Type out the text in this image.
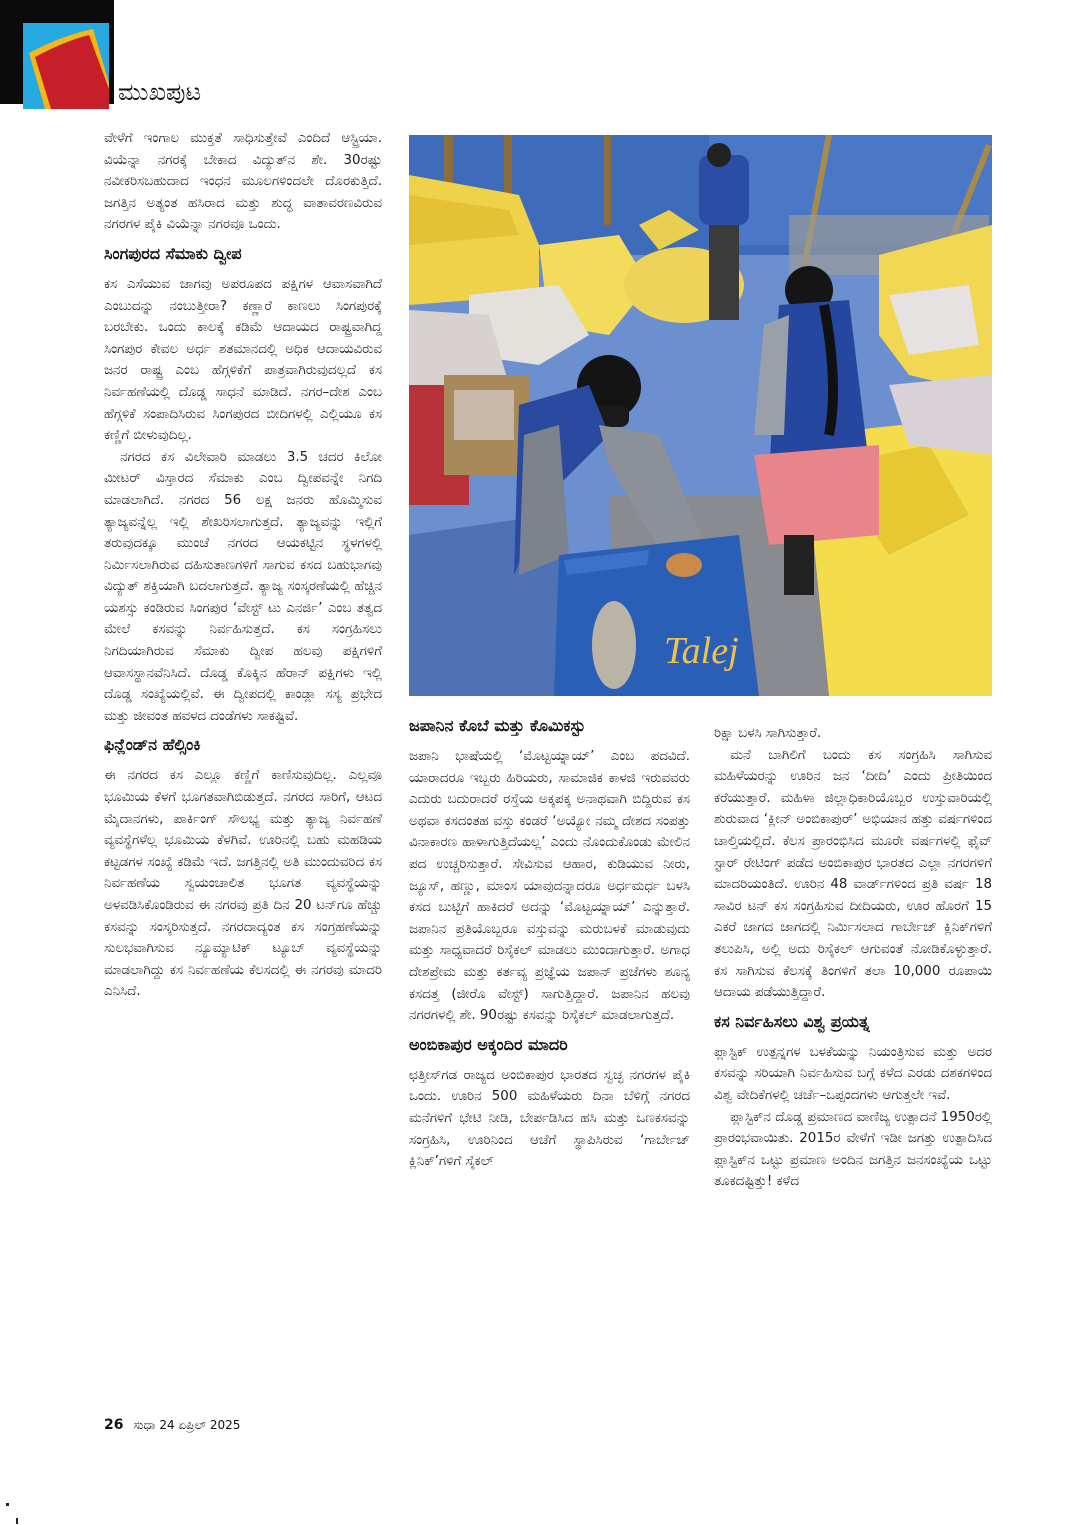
ಮುಖಪುಟ

ವೇಳೆಗೆ ಇಂಗಾಲ ಮುಕ್ತತೆ ಸಾಧಿಸುತ್ತೇವೆ ಎಂದಿದೆ ಆಸ್ಟ್ರಿಯಾ. ವಿಯೆನ್ನಾ ನಗರಕ್ಕೆ ಬೇಕಾದ ವಿದ್ಯುತ್‌ನ ಶೇ. 30ರಷ್ಟು ನವೀಕರಿಸಬಹುದಾದ ಇಂಧನ ಮೂಲಗಳಿಂದಲೇ ದೊರಕುತ್ತಿದೆ. ಜಗತ್ತಿನ ಅತ್ಯಂತ ಹಸಿರಾದ ಮತ್ತು ಶುದ್ಧ ವಾತಾವರಣವಿರುವ ನಗರಗಳ ಪೈಕಿ ವಿಯೆನ್ನಾ ನಗರವೂ ಒಂದು.

ಸಿಂಗಪುರದ ಸೆಮಾಕು ದ್ವೀಪ

ಕಸ ಎಸೆಯುವ ಜಾಗವು ಅಪರೂಪದ ಪಕ್ಷಿಗಳ ಆವಾಸವಾಗಿದೆ ಎಂಬುದನ್ನು ನಂಬುತ್ತೀರಾ? ಕಣ್ಣಾರೆ ಕಾಣಲು ಸಿಂಗಪುರಕ್ಕೆ ಬರಬೇಕು. ಒಂದು ಕಾಲಕ್ಕೆ ಕಡಿಮೆ ಆದಾಯದ ರಾಷ್ಟ್ರವಾಗಿದ್ದ ಸಿಂಗಪುರ ಕೇವಲ ಅರ್ಧ ಶತಮಾನದಲ್ಲಿ ಅಧಿಕ ಆದಾಯವಿರುವ ಜನರ ರಾಷ್ಟ್ರ ಎಂಬ ಹೆಗ್ಗಳಿಕೆಗೆ ಪಾತ್ರವಾಗಿರುವುದಲ್ಲದೆ ಕಸ ನಿರ್ವಹಣೆಯಲ್ಲಿ ದೊಡ್ಡ ಸಾಧನೆ ಮಾಡಿದೆ. ನಗರ–ದೇಶ ಎಂಬ ಹೆಗ್ಗಳಿಕೆ ಸಂಪಾದಿಸಿರುವ ಸಿಂಗಪುರದ ಬೀದಿಗಳಲ್ಲಿ ಎಲ್ಲಿಯೂ ಕಸ ಕಣ್ಣಿಗೆ ಬೀಳುವುದಿಲ್ಲ.

ನಗರದ ಕಸ ವಿಲೇವಾರಿ ಮಾಡಲು 3.5 ಚದರ ಕಿಲೋ ಮೀಟರ್ ವಿಸ್ತಾರದ ಸೆಮಾಕು ಎಂಬ ದ್ವೀಪವನ್ನೇ ನಿಗದಿ ಮಾಡಲಾಗಿದೆ. ನಗರದ 56 ಲಕ್ಷ ಜನರು ಹೊಮ್ಮಿಸುವ ತ್ಯಾಜ್ಯವನ್ನೆಲ್ಲ ಇಲ್ಲಿ ಶೇಖರಿಸಲಾಗುತ್ತದೆ. ತ್ಯಾಜ್ಯವನ್ನು ಇಲ್ಲಿಗೆ ತರುವುದಕ್ಕೂ ಮುಂಚೆ ನಗರದ ಆಯಕಟ್ಟಿನ ಸ್ಥಳಗಳಲ್ಲಿ ನಿರ್ಮಿಸಲಾಗಿರುವ ದಹಿಸುತಾಣಗಳಿಗೆ ಸಾಗುವ ಕಸದ ಬಹುಭಾಗವು ವಿದ್ಯುತ್ ಶಕ್ತಿಯಾಗಿ ಬದಲಾಗುತ್ತದೆ. ತ್ಯಾಜ್ಯ ಸಂಸ್ಕರಣೆಯಲ್ಲಿ ಹೆಚ್ಚಿನ ಯಶಸ್ಸು ಕಂಡಿರುವ ಸಿಂಗಪುರ ‘ವೇಸ್ಟ್ ಟು ಎನರ್ಜಿ’ ಎಂಬ ತತ್ವದ ಮೇಲೆ ಕಸವನ್ನು ನಿರ್ವಹಿಸುತ್ತದೆ. ಕಸ ಸಂಗ್ರಹಿಸಲು ನಿಗದಿಯಾಗಿರುವ ಸೆಮಾಕು ದ್ವೀಪ ಹಲವು ಪಕ್ಷಿಗಳಿಗೆ ಆವಾಸಸ್ಥಾನವೆನಿಸಿದೆ. ದೊಡ್ಡ ಕೊಕ್ಕಿನ ಹೆರಾನ್ ಪಕ್ಷಿಗಳು ಇಲ್ಲಿ ದೊಡ್ಡ ಸಂಖ್ಯೆಯಲ್ಲಿವೆ. ಈ ದ್ವೀಪದಲ್ಲಿ ಕಾಂಡ್ಲಾ ಸಸ್ಯ ಪ್ರಭೇದ ಮತ್ತು ಜೀವಂತ ಹವಳದ ದಂಡೆಗಳು ಸಾಕಷ್ಟಿವೆ.

ಫಿನ್ಲೆಂಡ್‌ನ ಹೆಲ್ಸಿಂಕಿ

ಈ ನಗರದ ಕಸ ಎಲ್ಲೂ ಕಣ್ಣಿಗೆ ಕಾಣಿಸುವುದಿಲ್ಲ. ಎಲ್ಲವೂ ಭೂಮಿಯ ಕೆಳಗೆ ಭೂಗತವಾಗಿಬಿಡುತ್ತದೆ. ನಗರದ ಸಾರಿಗೆ, ಆಟದ ಮೈದಾನಗಳು, ಪಾರ್ಕಿಂಗ್ ಸೌಲಭ್ಯ ಮತ್ತು ತ್ಯಾಜ್ಯ ನಿರ್ವಹಣೆ ವ್ಯವಸ್ಥೆಗಳೆಲ್ಲ ಭೂಮಿಯ ಕೆಳಗಿವೆ. ಊರಿನಲ್ಲಿ ಬಹು ಮಹಡಿಯ ಕಟ್ಟಡಗಳ ಸಂಖ್ಯೆ ಕಡಿಮೆ ಇದೆ. ಜಗತ್ತಿನಲ್ಲಿ ಅತಿ ಮುಂದುವರಿದ ಕಸ ನಿರ್ವಹಣೆಯ ಸ್ವಯಂಚಾಲಿತ ಭೂಗತ ವ್ಯವಸ್ಥೆಯನ್ನು ಅಳವಡಿಸಿಕೊಂಡಿರುವ ಈ ನಗರವು ಪ್ರತಿ ದಿನ 20 ಟನ್‌ಗೂ ಹೆಚ್ಚು ಕಸವನ್ನು ಸಂಸ್ಕರಿಸುತ್ತದೆ. ನಗರದಾದ್ಯಂತ ಕಸ ಸಂಗ್ರಹಣೆಯನ್ನು ಸುಲಭವಾಗಿಸುವ ನ್ಯೂಮ್ಯಾಟಿಕ್ ಟ್ಯೂಬ್ ವ್ಯವಸ್ಥೆಯನ್ನು ಮಾಡಲಾಗಿದ್ದು ಕಸ ನಿರ್ವಹಣೆಯ ಕೆಲಸದಲ್ಲಿ ಈ ನಗರವು ಮಾದರಿ ಎನಿಸಿದೆ.

Talej
ಜಪಾನಿನ ಕೊಬೆ ಮತ್ತು ಕೊಮಿಕಸ್ಟು

ಜಪಾನಿ ಭಾಷೆಯಲ್ಲಿ ‘ಮೊಟ್ಟಯ್ನಾಯ್’ ಎಂಬ ಪದವಿದೆ. ಯಾರಾದರೂ ಇಬ್ಬರು ಹಿರಿಯರು, ಸಾಮಾಜಿಕ ಕಾಳಜಿ ಇರುವವರು ಎದುರು ಬದುರಾದರೆ ರಸ್ತೆಯ ಅಕ್ಕಪಕ್ಕ ಅನಾಥವಾಗಿ ಬಿದ್ದಿರುವ ಕಸ ಅಥವಾ ಕಸದಂತಹ ವಸ್ತು ಕಂಡರೆ ‘ಅಯ್ಯೋ ನಮ್ಮ ದೇಶದ ಸಂಪತ್ತು ವಿನಾಕಾರಣ ಹಾಳಾಗುತ್ತಿದೆಯಲ್ಲ’ ಎಂದು ನೊಂದುಕೊಂಡು ಮೇಲಿನ ಪದ ಉಚ್ಚರಿಸುತ್ತಾರೆ. ಸೇವಿಸುವ ಆಹಾರ, ಕುಡಿಯುವ ನೀರು, ಜ್ಯೂಸ್, ಹಣ್ಣು, ಮಾಂಸ ಯಾವುದನ್ನಾದರೂ ಅರ್ಧಮರ್ಧ ಬಳಸಿ ಕಸದ ಬುಟ್ಟಿಗೆ ಹಾಕಿದರೆ ಅದನ್ನು ‘ಮೊಟ್ಟಯ್ನಾಯ್’ ಎನ್ನುತ್ತಾರೆ. ಜಪಾನಿನ ಪ್ರತಿಯೊಬ್ಬರೂ ವಸ್ತುವನ್ನು ಮರುಬಳಕೆ ಮಾಡುವುದು ಮತ್ತು ಸಾಧ್ಯವಾದರೆ ರಿಸೈಕಲ್ ಮಾಡಲು ಮುಂದಾಗುತ್ತಾರೆ. ಅಗಾಧ ದೇಶಪ್ರೇಮ ಮತ್ತು ಕರ್ತವ್ಯ ಪ್ರಜ್ಞೆಯ ಜಪಾನ್ ಪ್ರಜೆಗಳು ಶೂನ್ಯ ಕಸದತ್ತ (ಜೀರೊ ವೇಸ್ಟ್) ಸಾಗುತ್ತಿದ್ದಾರೆ. ಜಪಾನಿನ ಹಲವು ನಗರಗಳಲ್ಲಿ ಶೇ. 90ರಷ್ಟು ಕಸವನ್ನು ರಿಸೈಕಲ್ ಮಾಡಲಾಗುತ್ತದೆ.

ಅಂಬಿಕಾಪುರ ಅಕ್ಕಂದಿರ ಮಾದರಿ

ಛತ್ತೀಸ್‌ಗಡ ರಾಜ್ಯದ ಅಂಬಿಕಾಪುರ ಭಾರತದ ಸ್ವಚ್ಛ ನಗರಗಳ ಪೈಕಿ ಒಂದು. ಊರಿನ 500 ಮಹಿಳೆಯರು ದಿನಾ ಬೆಳಿಗ್ಗೆ ನಗರದ ಮನೆಗಳಿಗೆ ಭೇಟಿ ನೀಡಿ, ಬೇರ್ಪಡಿಸಿದ ಹಸಿ ಮತ್ತು ಒಣಕಸವನ್ನು ಸಂಗ್ರಹಿಸಿ, ಊರಿನಿಂದ ಆಚೆಗೆ ಸ್ಥಾಪಿಸಿರುವ ‘ಗಾರ್ಬೇಜ್ ಕ್ಲಿನಿಕ್’ಗಳಿಗೆ ಸೈಕಲ್

ರಿಕ್ಷಾ ಬಳಸಿ ಸಾಗಿಸುತ್ತಾರೆ.

ಮನೆ ಬಾಗಿಲಿಗೆ ಬಂದು ಕಸ ಸಂಗ್ರಹಿಸಿ ಸಾಗಿಸುವ ಮಹಿಳೆಯರನ್ನು ಊರಿನ ಜನ ‘ದೀದಿ’ ಎಂದು ಪ್ರೀತಿಯಿಂದ ಕರೆಯುತ್ತಾರೆ. ಮಹಿಳಾ ಜಿಲ್ಲಾಧಿಕಾರಿಯೊಬ್ಬರ ಉಸ್ತುವಾರಿಯಲ್ಲಿ ಶುರುವಾದ ‘ಕ್ಲೀನ್ ಅಂಬಿಕಾಪುರ್’ ಅಭಿಯಾನ ಹತ್ತು ವರ್ಷಗಳಿಂದ ಚಾಲ್ತಿಯಲ್ಲಿದೆ. ಕೆಲಸ ಪ್ರಾರಂಭಿಸಿದ ಮೂರೇ ವರ್ಷಗಳಲ್ಲಿ ಫೈವ್ ಸ್ಟಾರ್ ರೇಟಿಂಗ್ ಪಡೆದ ಅಂಬಿಕಾಪುರ ಭಾರತದ ಎಲ್ಲಾ ನಗರಗಳಿಗೆ ಮಾದರಿಯಂತಿದೆ. ಊರಿನ 48 ವಾರ್ಡ್‌ಗಳಿಂದ ಪ್ರತಿ ವರ್ಷ 18 ಸಾವಿರ ಟನ್ ಕಸ ಸಂಗ್ರಹಿಸುವ ದೀದಿಯರು, ಊರ ಹೊರಗೆ 15 ಎಕರೆ ಜಾಗದ ಜಾಗದಲ್ಲಿ ನಿರ್ಮಿಸಲಾದ ಗಾರ್ಬೇಜ್ ಕ್ಲಿನಿಕ್‌ಗಳಿಗೆ ತಲುಪಿಸಿ, ಅಲ್ಲಿ ಅದು ರಿಸೈಕಲ್ ಆಗುವಂತೆ ನೋಡಿಕೊಳ್ಳುತ್ತಾರೆ. ಕಸ ಸಾಗಿಸುವ ಕೆಲಸಕ್ಕೆ ತಿಂಗಳಿಗೆ ತಲಾ 10,000 ರೂಪಾಯಿ ಆದಾಯ ಪಡೆಯುತ್ತಿದ್ದಾರೆ.

ಕಸ ನಿರ್ವಹಿಸಲು ವಿಶ್ವ ಪ್ರಯತ್ನ

ಪ್ಲಾಸ್ಟಿಕ್ ಉತ್ಪನ್ನಗಳ ಬಳಕೆಯನ್ನು ನಿಯಂತ್ರಿಸುವ ಮತ್ತು ಅದರ ಕಸವನ್ನು ಸರಿಯಾಗಿ ನಿರ್ವಹಿಸುವ ಬಗ್ಗೆ ಕಳೆದ ಎರಡು ದಶಕಗಳಿಂದ ವಿಶ್ವ ವೇದಿಕೆಗಳಲ್ಲಿ ಚರ್ಚೆ–ಒಪ್ಪಂದಗಳು ಆಗುತ್ತಲೇ ಇವೆ.

ಪ್ಲಾಸ್ಟಿಕ್‌ನ ದೊಡ್ಡ ಪ್ರಮಾಣದ ವಾಣಿಜ್ಯ ಉತ್ಪಾದನೆ 1950ರಲ್ಲಿ ಪ್ರಾರಂಭವಾಯಿತು. 2015ರ ವೇಳೆಗೆ ಇಡೀ ಜಗತ್ತು ಉತ್ಪಾದಿಸಿದ ಪ್ಲಾಸ್ಟಿಕ್‌ನ ಒಟ್ಟು ಪ್ರಮಾಣ ಅಂದಿನ ಜಗತ್ತಿನ ಜನಸಂಖ್ಯೆಯ ಒಟ್ಟು ತೂಕದಷ್ಟಿತ್ತು! ಕಳೆದ

26 ಸುಧಾ 24 ಏಪ್ರಿಲ್ 2025
